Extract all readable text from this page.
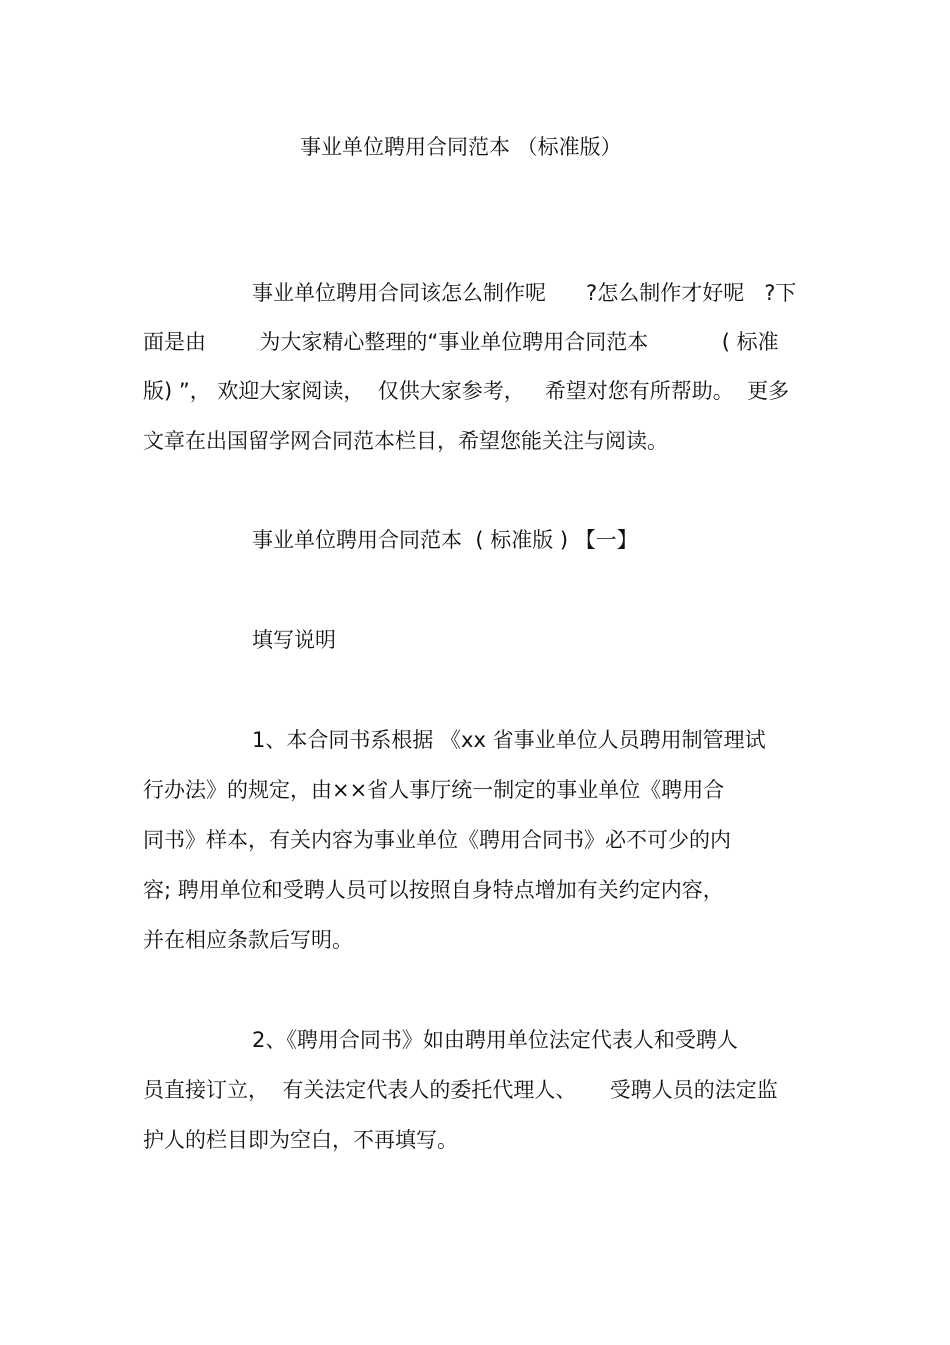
事业单位聘用合同范本 （标准版）
事业单位聘用合同该怎么制作呢      ?怎么制作才好呢   ?下
面是由        为大家精心整理的“事业单位聘用合同范本           ( 标准
版) ”， 欢迎大家阅读，  仅供大家参考，   希望对您有所帮助。  更多
文章在出国留学网合同范本栏目，希望您能关注与阅读。
事业单位聘用合同范本  ( 标准版 ) 【一】
填写说明
1、本合同书系根据 《xx 省事业单位人员聘用制管理试
行办法》的规定，由××省人事厅统一制定的事业单位《聘用合
同书》样本，有关内容为事业单位《聘用合同书》必不可少的内
容; 聘用单位和受聘人员可以按照自身特点增加有关约定内容，
并在相应条款后写明。
2、《聘用合同书》如由聘用单位法定代表人和受聘人
员直接订立，  有关法定代表人的委托代理人、     受聘人员的法定监
护人的栏目即为空白，不再填写。
